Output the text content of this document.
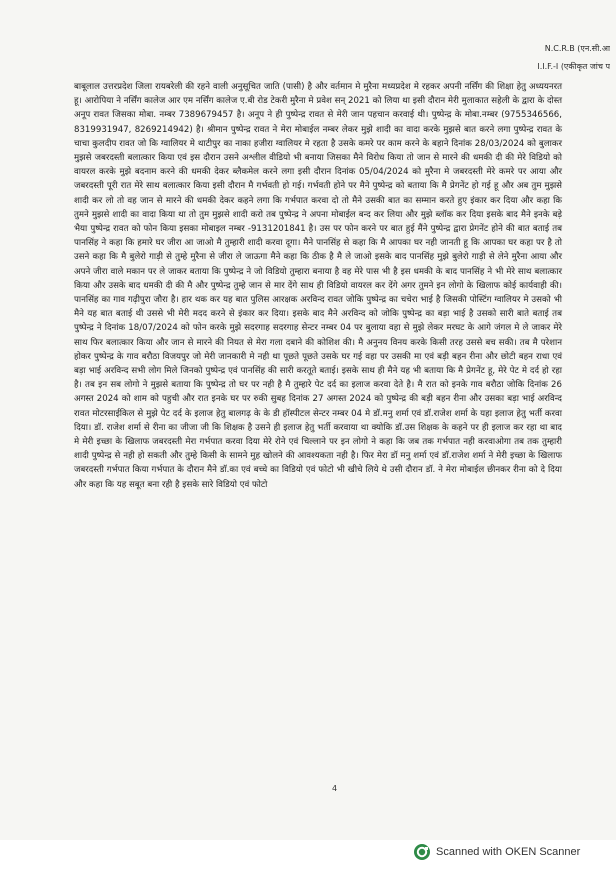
N.C.R.B (एन.सी.आ
I.I.F.-I (एकीकृत जांच प

बाबूलाल उत्तरप्रदेश जिला रायबरेली की रहने वाली अनुसूचित जाति (पासी) है और वर्तमान मे मुरैना मध्यप्रदेश मे रहकर अपनी नर्सिंग की शिक्षा हेतु अध्ययनरत हू। आरोपिया ने नर्सिंग कालेज आर एम नर्सिंग कालेज ए.बी रोड टेकरी मुरैना मे प्रवेश सन् 2021 को लिया था इसी दौरान मेरी मुलाकात सहेली के द्वारा के दोस्त अनूप रावत जिसका मोबा. नम्बर 7389679457 है। अनूप ने ही पुष्पेन्द्र रावत से मेरी जान पहचान करवाई थी। पुष्पेन्द्र के मोबा.नम्बर (9755346566, 8319931947, 8269214942) है। श्रीमान पुष्पेन्द्र रावत ने मेरा मोबाईल नम्बर लेकर मुझे शादी का वादा करके मुझसे बात करने लगा पुष्पेन्द्र रावत के चाचा कुलदीप रावत जो कि ग्वालियर मे थाटीपुर का नाका हजीरा ग्वालियर मे रहता है उसके कमरे पर काम करने के बहाने दिनांक 28/03/2024 को बुलाकर मुझसे जबरदस्ती बलात्कार किया एवं इस दौरान उसने अश्लील वीडियो भी बनाया जिसका मैने विरोध किया तो जान से मारने की धमकी दी की मेरे विडियो को वायरल करके मुझे बदनाम करने की धमकी देकर ब्लैकमेल करने लगा इसी दौरान दिनांक 05/04/2024 को मुरैना मे जबरदस्ती मेरे कमरे पर आया और जबरदस्ती पूरी रात मेरे साथ बलात्कार किया इसी दौरान मै गर्भवती हो गई। गर्भवती होने पर मैने पुष्पेन्द्र को बताया कि मै प्रेगनेंट हो गई हू और अब तुम मुझसे शादी कर लो तो वह जान से मारने की धमकी देकर कहने लगा कि गर्भपात करवा दो तो मैने उसकी बात का सम्मान करते हुए इंकार कर दिया और कहा कि तुमने मुझसे शादी का वादा किया था तो तुम मुझसे शादी करो तब पुष्पेन्द्र ने अपना मोबाईल बन्द कर लिया और मुझे ब्लॉक कर दिया इसके बाद मैने इनके बड़े भैया पुष्पेन्द्र रावत को फोन किया इसका मोबाइल नम्बर -9131201841 है। उस पर फोन करने पर बात हुई मैंने पुष्पेन्द्र द्वारा प्रेगनेंट होने की बात बताई तब पानसिंह ने कहा कि हमारे घर जीरा आ जाओ मै तुम्हारी शादी करवा दूगा। मैने पानसिंह से कहा कि मै आपका घर नही जानती हू कि आपका घर कहा पर है तो उसने कहा कि मै बुलेरो गाड़ी से तुम्हे मुरैना से जीरा ले जाऊगा मैने कहा कि ठीक है मै ले जाओ इसके बाद पानसिंह मुझे बुलेरो गाड़ी से लेने मुरैना आया और अपने जीरा वाले मकान पर ले जाकर बताया कि पुष्पेन्द्र ने जो विडियो तुम्हारा बनाया है वह मेरे पास भी है इस धमकी के बाद पानसिंह ने भी मेरे साथ बलात्कार किया और उसके बाद धमकी दी की मै और पुष्पेन्द्र तुम्हे जान से मार देंगे साथ ही विडियो वायरल कर देंगे अगर तुमने इन लोगो के खिलाफ कोई कार्यवाही की। पानसिंह का गाव गढ़ीपुरा जौरा है। हार थक कर यह बात पुलिस आरक्षक अरविन्द रावत जोकि पुष्पेन्द्र का चचेरा भाई है जिसकी पोस्टिंग ग्वालियर मे उसको भी मैने यह बात बताई थी उससे भी मेरी मदद करने से इंकार कर दिया। इसके बाद मैने अरविन्द को जोकि पुष्पेन्द्र का बड़ा भाई है उसको सारी बाते बताई तब पुष्पेन्द्र ने दिनांक 18/07/2024 को फोन करके मुझे सदरगाह सदरगाह सेन्टर नम्बर 04 पर बुलाया वहा से मुझे लेकर मरघट के आगे जंगल मे ले जाकर मेरे साथ फिर बलात्कार किया और जान से मारने की नियत से मेरा गला दबाने की कोशिश की। मै अनुनय विनय करके किसी तरह उससे बच सकी। तब मै परेशान होकर पुष्पेन्द्र के गाव बरौठा विजयपुर जो मेरी जानकारी मे नही था पूछते पूछते उसके घर गई वहा पर उसकी मा एवं बड़ी बहन रीना और छोटी बहन राधा एवं बड़ा भाई अरविन्द सभी लोग मिले जिनको पुष्पेन्द्र एवं पानसिंह की सारी करतूते बताई। इसके साथ ही मैने यह भी बताया कि मै प्रेगनेंट हू, मेरे पेट मे दर्द हो रहा है। तब इन सब लोगो ने मुझसे बताया कि पुष्पेन्द्र तो घर पर नही है मै तुम्हारे पेट दर्द का इलाज करवा देते है। मै रात को इनके गाव बरौठा जोकि दिनांक 26 अगस्त 2024 को शाम को पहुची और रात इनके घर पर रुकी सुबह दिनांक 27 अगस्त 2024 को पुष्पेन्द्र की बड़ी बहन रीना और उसका बड़ा भाई अरविन्द रावत मोटरसाईकिल से मुझे पेट दर्द के इलाज हेतु बालगढ़ के के डी हॉस्पीटल सेन्टर नम्बर 04 मे डॉ.मनु शर्मा एवं डॉ.राजेश शर्मा के यहा इलाज हेतु भर्ती करवा दिया। डॉ. राजेश शर्मा से रीना का जीजा जी कि शिक्षक है उसने ही इलाज हेतु भर्ती करवाया था क्योकि डॉ.उस शिक्षक के कहने पर ही इलाज कर रहा था बाद मे मेरी इच्छा के खिलाफ जबरदस्ती मेरा गर्भपात करवा दिया मेरे रोने एवं चिल्लाने पर इन लोगो ने कहा कि जब तक गर्भपात नही करवाओगा तब तक तुम्हारी शादी पुष्पेन्द्र से नही हो सकती और तुम्हे किसी के सामने मुह खोलने की आवश्यकता नही है। फिर मेरा डॉ मनु शर्मा एवं डॉ.राजेश शर्मा ने मेरी इच्छा के खिलाफ जबरदस्ती गर्भपात किया गर्भपात के दौरान मैने डॉ.का एवं बच्चे का विडियो एवं फोटो भी खीचे लिये थे उसी दौरान डॉ. ने मेरा मोबाईल छीनकर रीना को दे दिया और कहा कि यह सबूत बना रही है इसके सारे विडियो एवं फोटो

4
Scanned with OKEN Scanner
